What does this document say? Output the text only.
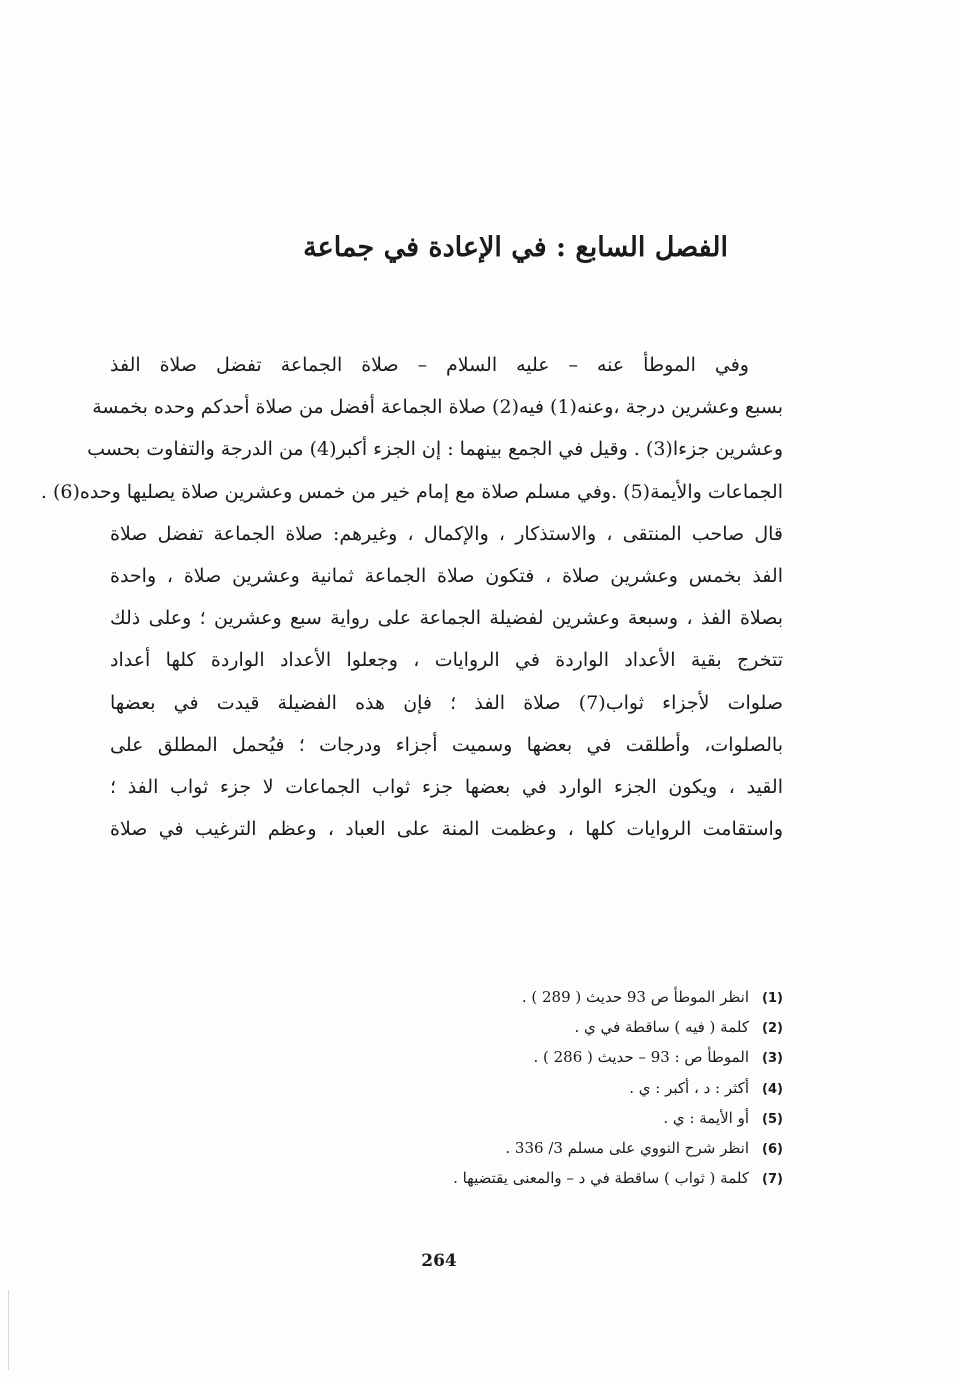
الفصل السابع : في الإعادة في جماعة
وفي الموطأ عنه – عليه السلام – صلاة الجماعة تفضل صلاة الفذ
بسبع وعشرين درجة ،وعنه(1) فيه(2) صلاة الجماعة أفضل من صلاة أحدكم وحده بخمسة
وعشرين جزءا(3) . وقيل في الجمع بينهما : إن الجزء أكبر(4) من الدرجة والتفاوت بحسب
الجماعات والأيمة(5) .وفي مسلم صلاة مع إمام خير من خمس وعشرين صلاة يصليها وحده(6) .
قال صاحب المنتقى ، والاستذكار ، والإكمال ، وغيرهم: صلاة الجماعة تفضل صلاة
الفذ بخمس وعشرين صلاة ، فتكون صلاة الجماعة ثمانية وعشرين صلاة ، واحدة
بصلاة الفذ ، وسبعة وعشرين لفضيلة الجماعة على رواية سبع وعشرين ؛ وعلى ذلك
تتخرج بقية الأعداد الواردة في الروايات ، وجعلوا الأعداد الواردة كلها أعداد
صلوات لأجزاء ثواب(7) صلاة الفذ ؛ فإن هذه الفضيلة قيدت في بعضها
بالصلوات، وأطلقت في بعضها وسميت أجزاء ودرجات ؛ فيُحمل المطلق على
القيد ، ويكون الجزء الوارد في بعضها جزء ثواب الجماعات لا جزء ثواب الفذ ؛
واستقامت الروايات كلها ، وعظمت المنة على العباد ، وعظم الترغيب في صلاة
(1)انظر الموطأ ص 93 حديث ( 289 ) .
(2)كلمة ( فيه ) ساقطة في ي .
(3)الموطأ ص : 93 – حديث ( 286 ) .
(4)أكثر : د ، أكبر : ي .
(5)أو الأيمة : ي .
(6)انظر شرح النووي على مسلم 3/ 336 .
(7)كلمة ( ثواب ) ساقطة في د – والمعنى يقتضيها .
264
